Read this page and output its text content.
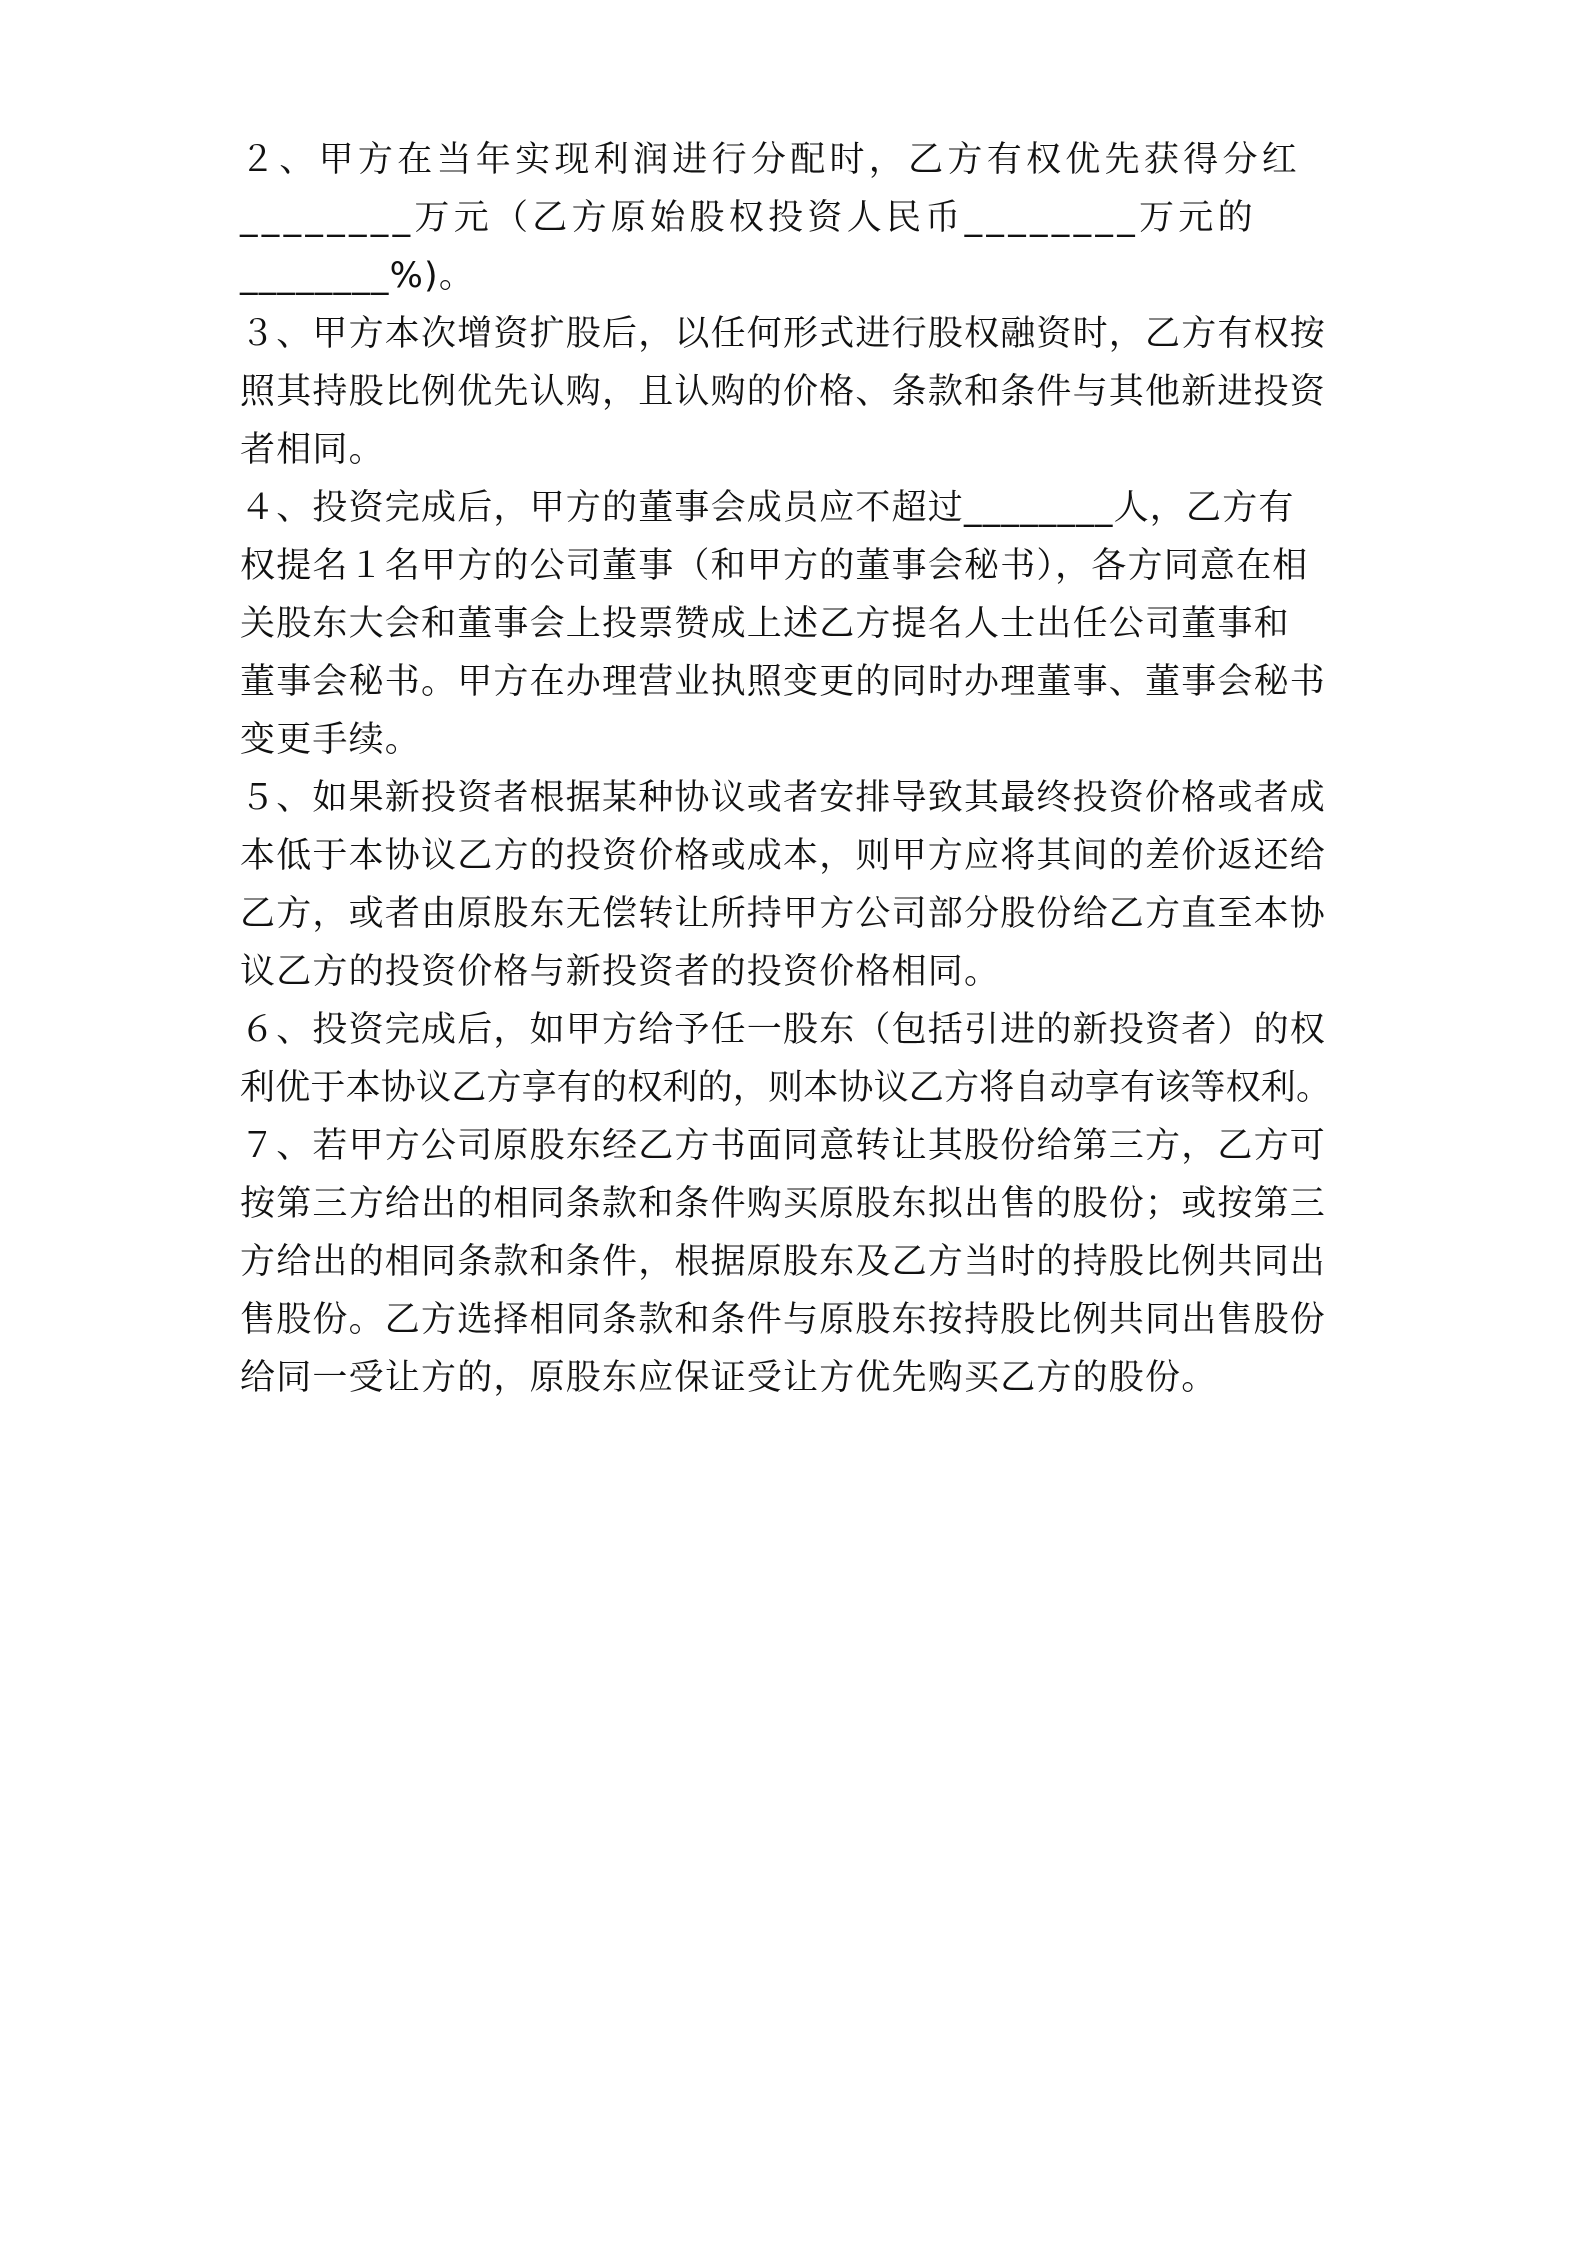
２、甲方在当年实现利润进行分配时，乙方有权优先获得分红

________万元（乙方原始股权投资人民币________万元的

________%)。

３、甲方本次增资扩股后，以任何形式进行股权融资时，乙方有权按

照其持股比例优先认购，且认购的价格、条款和条件与其他新进投资

者相同。

４、投资完成后，甲方的董事会成员应不超过________人，乙方有

权提名１名甲方的公司董事（和甲方的董事会秘书），各方同意在相

关股东大会和董事会上投票赞成上述乙方提名人士出任公司董事和

董事会秘书。甲方在办理营业执照变更的同时办理董事、董事会秘书

变更手续。

５、如果新投资者根据某种协议或者安排导致其最终投资价格或者成

本低于本协议乙方的投资价格或成本，则甲方应将其间的差价返还给

乙方，或者由原股东无偿转让所持甲方公司部分股份给乙方直至本协

议乙方的投资价格与新投资者的投资价格相同。

６、投资完成后，如甲方给予任一股东（包括引进的新投资者）的权

利优于本协议乙方享有的权利的，则本协议乙方将自动享有该等权利。

７、若甲方公司原股东经乙方书面同意转让其股份给第三方，乙方可

按第三方给出的相同条款和条件购买原股东拟出售的股份；或按第三

方给出的相同条款和条件，根据原股东及乙方当时的持股比例共同出

售股份。乙方选择相同条款和条件与原股东按持股比例共同出售股份

给同一受让方的，原股东应保证受让方优先购买乙方的股份。
